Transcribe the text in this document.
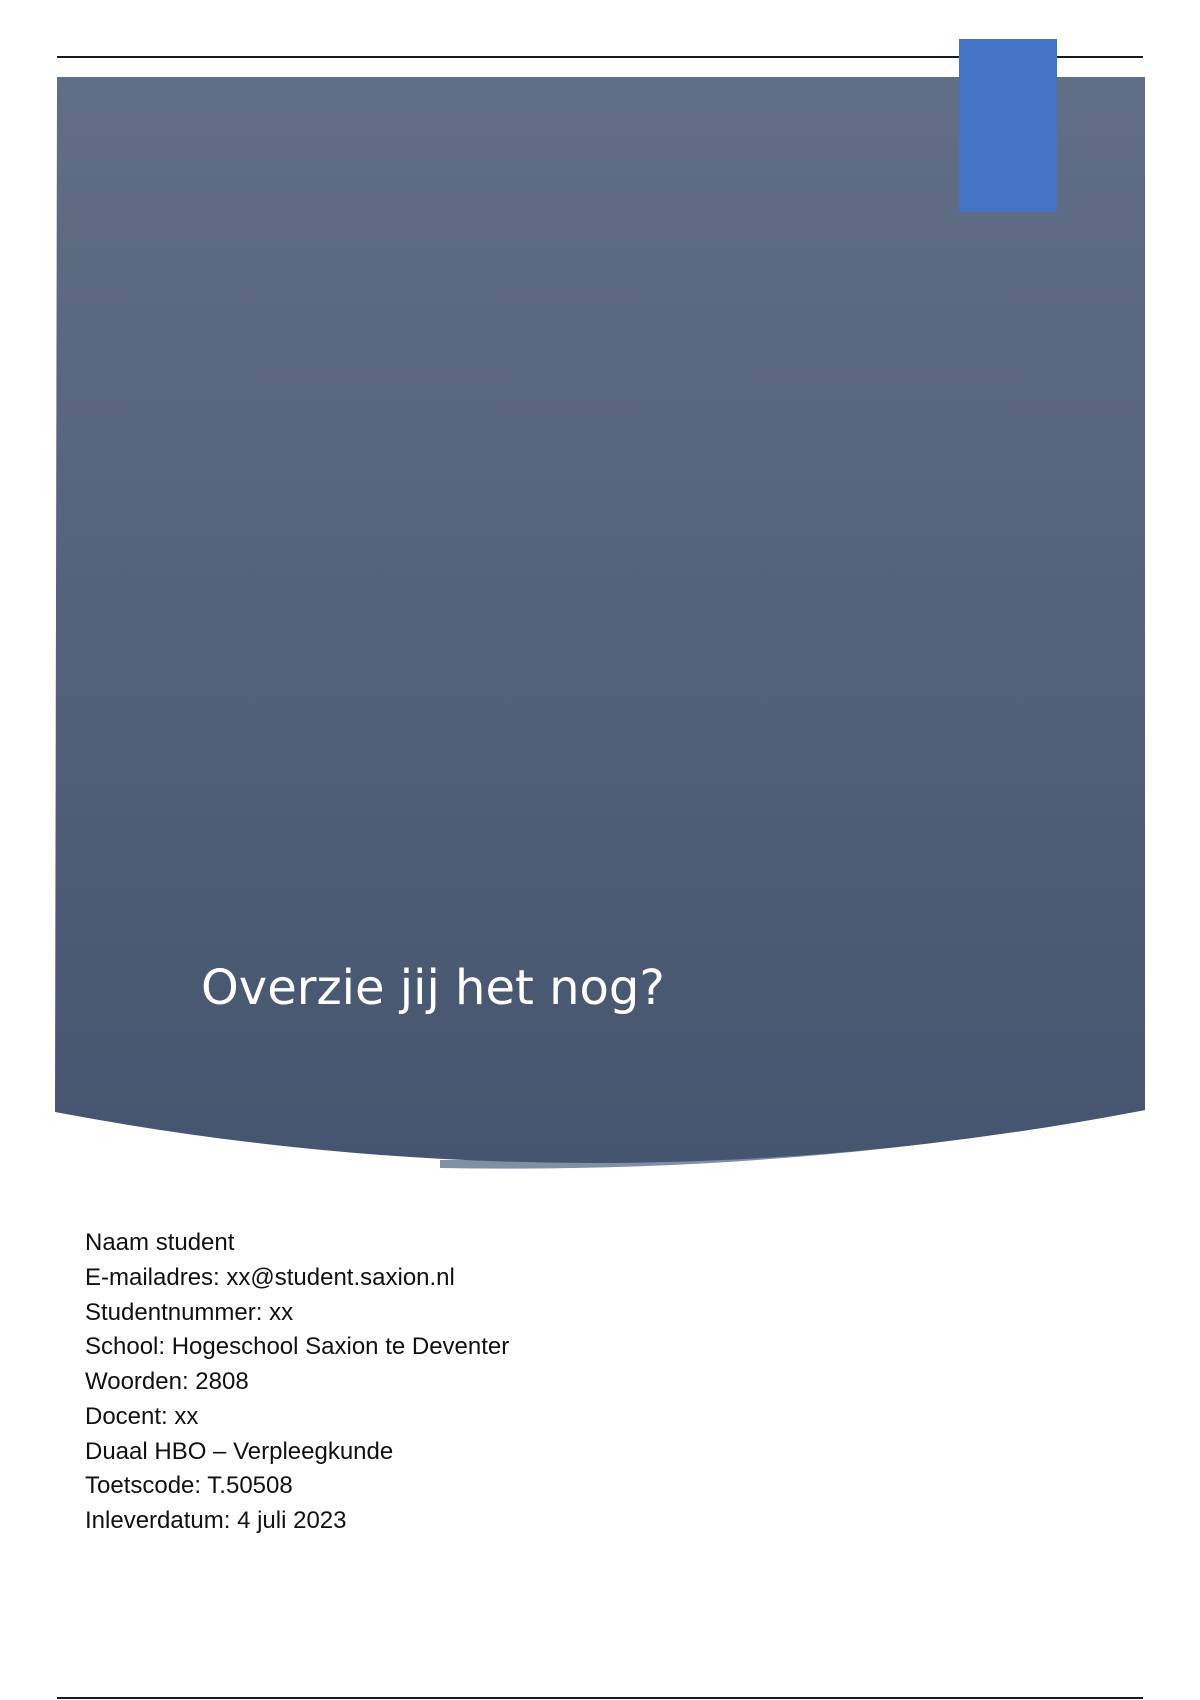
Overzie jij het nog?
Naam student
E-mailadres: xx@student.saxion.nl
Studentnummer: xx
School: Hogeschool Saxion te Deventer
Woorden: 2808
Docent: xx
Duaal HBO – Verpleegkunde
Toetscode: T.50508
Inleverdatum: 4 juli 2023
